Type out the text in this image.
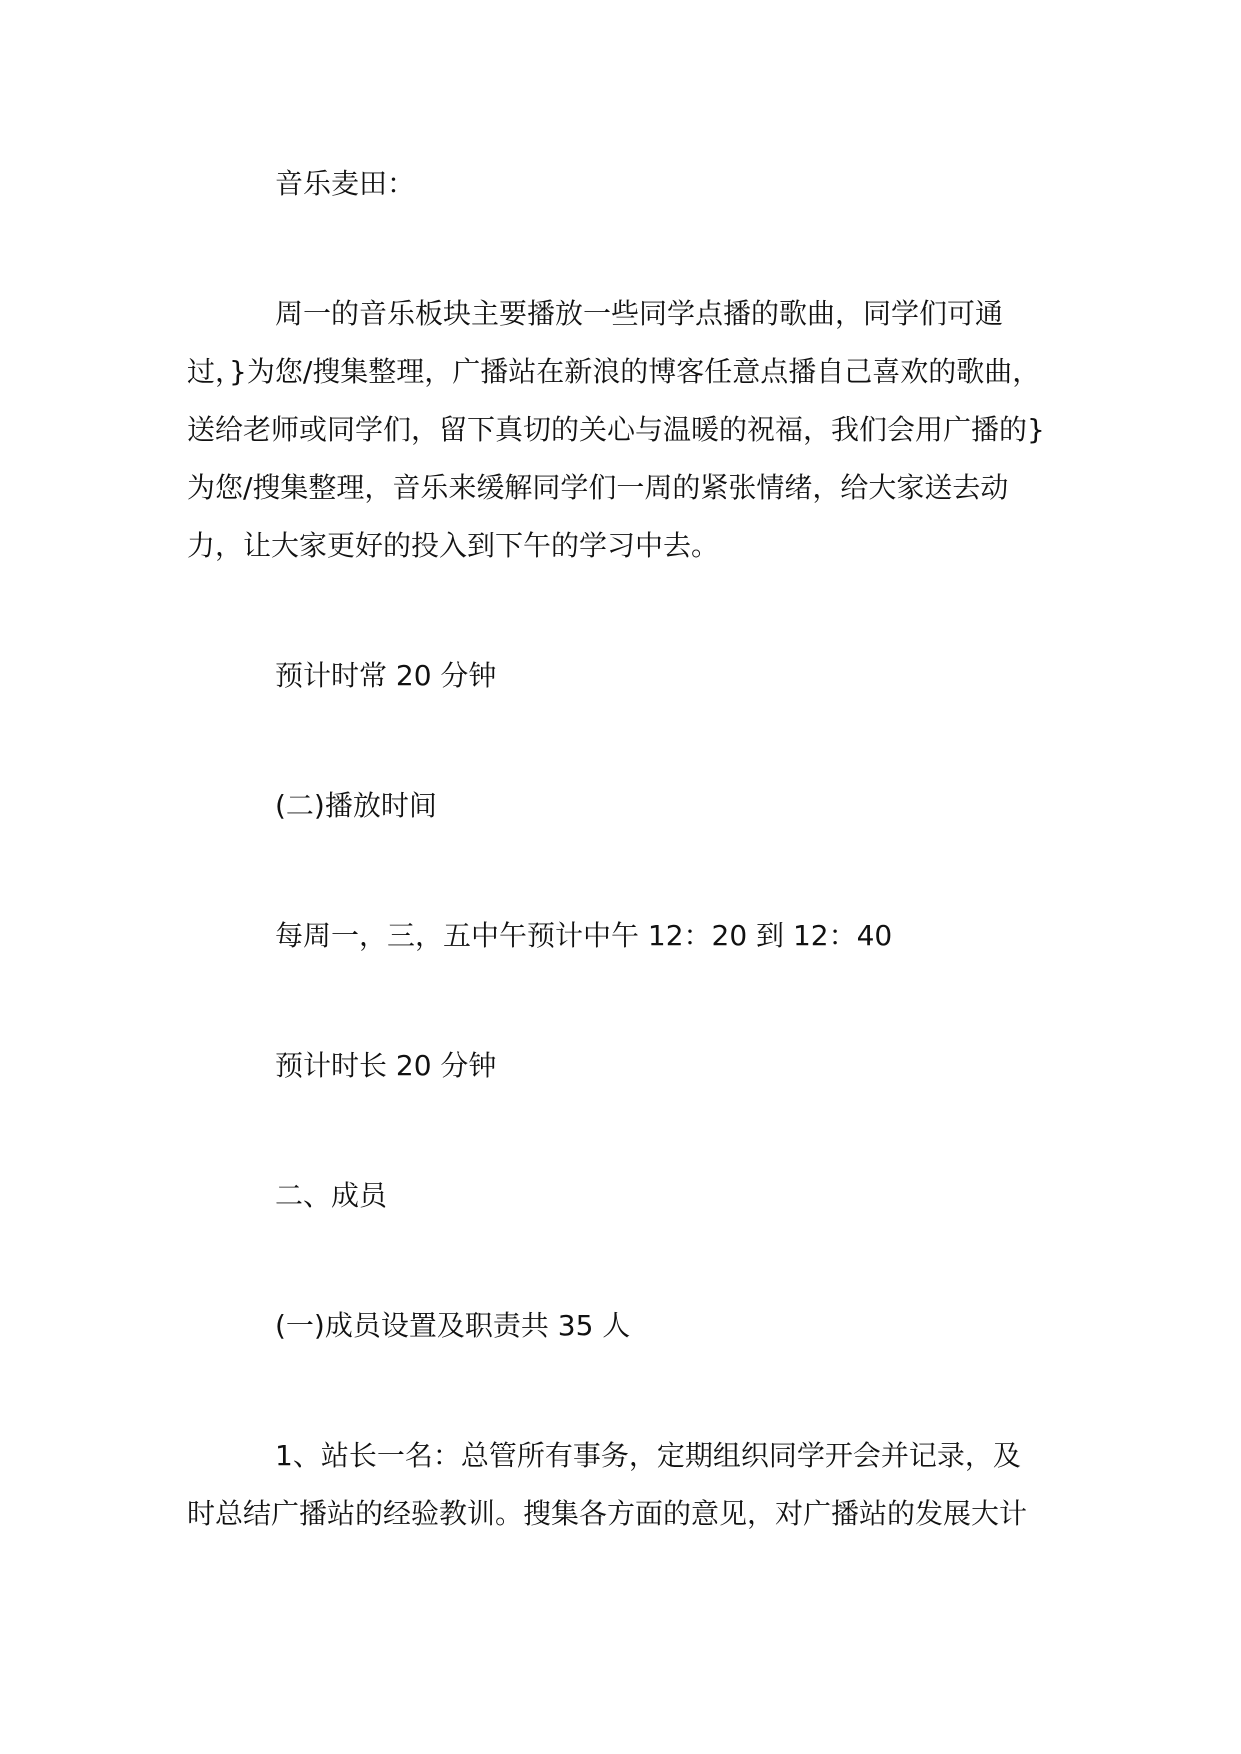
音乐麦田：

周一的音乐板块主要播放一些同学点播的歌曲，同学们可通
过，}为您/搜集整理，广播站在新浪的博客任意点播自己喜欢的歌曲，
送给老师或同学们，留下真切的关心与温暖的祝福，我们会用广播的}
为您/搜集整理，音乐来缓解同学们一周的紧张情绪，给大家送去动
力，让大家更好的投入到下午的学习中去。

预计时常 20 分钟

(二)播放时间

每周一，三，五中午预计中午 12：20 到 12：40

预计时长 20 分钟

二、成员

(一)成员设置及职责共 35 人

1、站长一名：总管所有事务，定期组织同学开会并记录，及
时总结广播站的经验教训。搜集各方面的意见，对广播站的发展大计
